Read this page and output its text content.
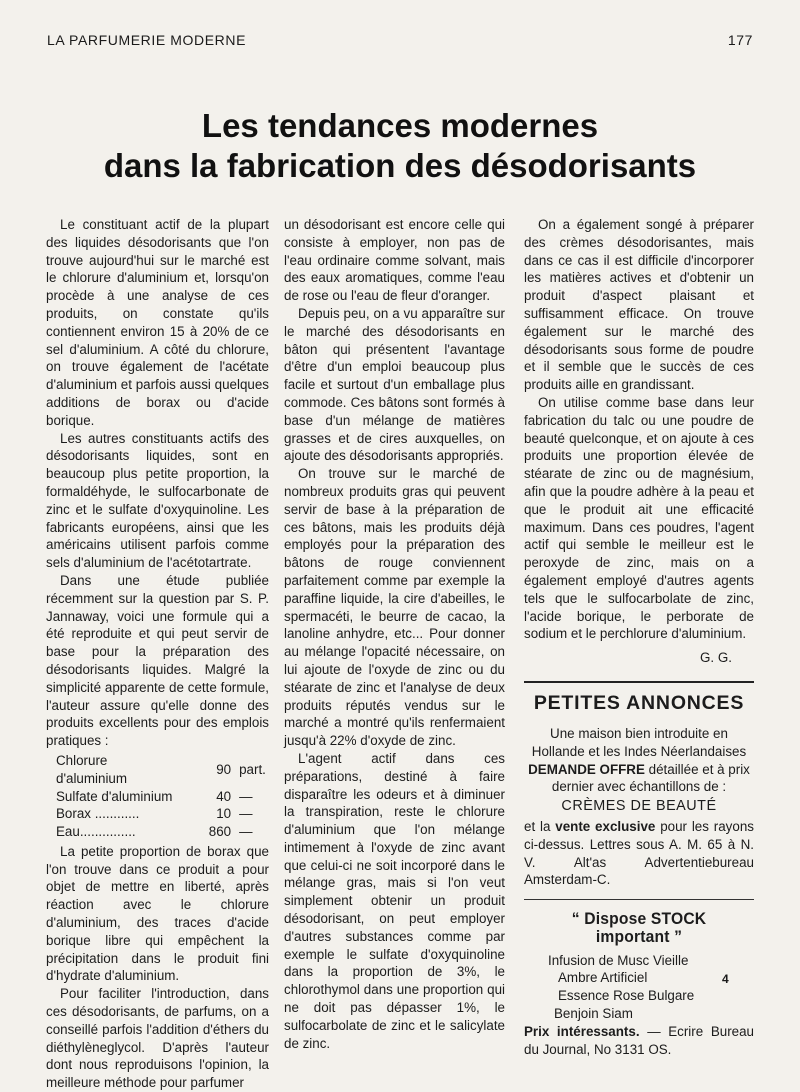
LA PARFUMERIE MODERNE	177
Les tendances modernes
dans la fabrication des désodorisants

Le constituant actif de la plupart des liquides désodorisants que l'on trouve aujourd'hui sur le marché est le chlorure d'aluminium et, lorsqu'on procède à une analyse de ces produits, on constate qu'ils contiennent environ 15 à 20% de ce sel d'aluminium. A côté du chlorure, on trouve également de l'acétate d'aluminium et parfois aussi quelques additions de borax ou d'acide borique.

Les autres constituants actifs des désodorisants liquides, sont en beaucoup plus petite proportion, la formaldéhyde, le sulfocarbonate de zinc et le sulfate d'oxyquinoline. Les fabricants européens, ainsi que les américains utilisent parfois comme sels d'aluminium de l'acétotartrate.

Dans une étude publiée récemment sur la question par S. P. Jannaway, voici une formule qui a été reproduite et qui peut servir de base pour la préparation des désodorisants liquides. Malgré la simplicité apparente de cette formule, l'auteur assure qu'elle donne des produits excellents pour des emplois pratiques :

Chlorure d'aluminium	90	part.
Sulfate d'aluminium	40	—
Borax ............	10	—
Eau...............	860	—

La petite proportion de borax que l'on trouve dans ce produit a pour objet de mettre en liberté, après réaction avec le chlorure d'aluminium, des traces d'acide borique libre qui empêchent la précipitation dans le produit fini d'hydrate d'aluminium.

Pour faciliter l'introduction, dans ces désodorisants, de parfums, on a conseillé parfois l'addition d'éthers du diéthylèneglycol. D'après l'auteur dont nous reproduisons l'opinion, la meilleure méthode pour parfumer

un désodorisant est encore celle qui consiste à employer, non pas de l'eau ordinaire comme solvant, mais des eaux aromatiques, comme l'eau de rose ou l'eau de fleur d'oranger.

Depuis peu, on a vu apparaître sur le marché des désodorisants en bâton qui présentent l'avantage d'être d'un emploi beaucoup plus facile et surtout d'un emballage plus commode. Ces bâtons sont formés à base d'un mélange de matières grasses et de cires auxquelles, on ajoute des désodorisants appropriés.

On trouve sur le marché de nombreux produits gras qui peuvent servir de base à la préparation de ces bâtons, mais les produits déjà employés pour la préparation des bâtons de rouge conviennent parfaitement comme par exemple la paraffine liquide, la cire d'abeilles, le spermacéti, le beurre de cacao, la lanoline anhydre, etc... Pour donner au mélange l'opacité nécessaire, on lui ajoute de l'oxyde de zinc ou du stéarate de zinc et l'analyse de deux produits réputés vendus sur le marché a montré qu'ils renfermaient jusqu'à 22% d'oxyde de zinc.

L'agent actif dans ces préparations, destiné à faire disparaître les odeurs et à diminuer la transpiration, reste le chlorure d'aluminium que l'on mélange intimement à l'oxyde de zinc avant que celui-ci ne soit incorporé dans le mélange gras, mais si l'on veut simplement obtenir un produit désodorisant, on peut employer d'autres substances comme par exemple le sulfate d'oxyquinoline dans la proportion de 3%, le chlorothymol dans une proportion qui ne doit pas dépasser 1%, le sulfocarbolate de zinc et le salicylate de zinc.

On a également songé à préparer des crèmes désodorisantes, mais dans ce cas il est difficile d'incorporer les matières actives et d'obtenir un produit d'aspect plaisant et suffisamment efficace. On trouve également sur le marché des désodorisants sous forme de poudre et il semble que le succès de ces produits aille en grandissant.

On utilise comme base dans leur fabrication du talc ou une poudre de beauté quelconque, et on ajoute à ces produits une proportion élevée de stéarate de zinc ou de magnésium, afin que la poudre adhère à la peau et que le produit ait une efficacité maximum. Dans ces poudres, l'agent actif qui semble le meilleur est le peroxyde de zinc, mais on a également employé d'autres agents tels que le sulfocarbolate de zinc, l'acide borique, le perborate de sodium et le perchlorure d'aluminium.

G. G.
PETITES ANNONCES

Une maison bien introduite en Hollande et les Indes Néerlandaises DEMANDE OFFRE détaillée et à prix dernier avec échantillons de :

CRÈMES DE BEAUTÉ

et la vente exclusive pour les rayons ci-dessus. Lettres sous A. M. 65 à N. V. Alt'as Advertentiebureau Amsterdam-C.

“ Dispose STOCK important ”

Infusion de Musc Vieille

Ambre Artificiel

Essence Rose Bulgare

Benjoin Siam

Prix intéressants. — Ecrire Bureau du Journal, No 3131 OS.

4
